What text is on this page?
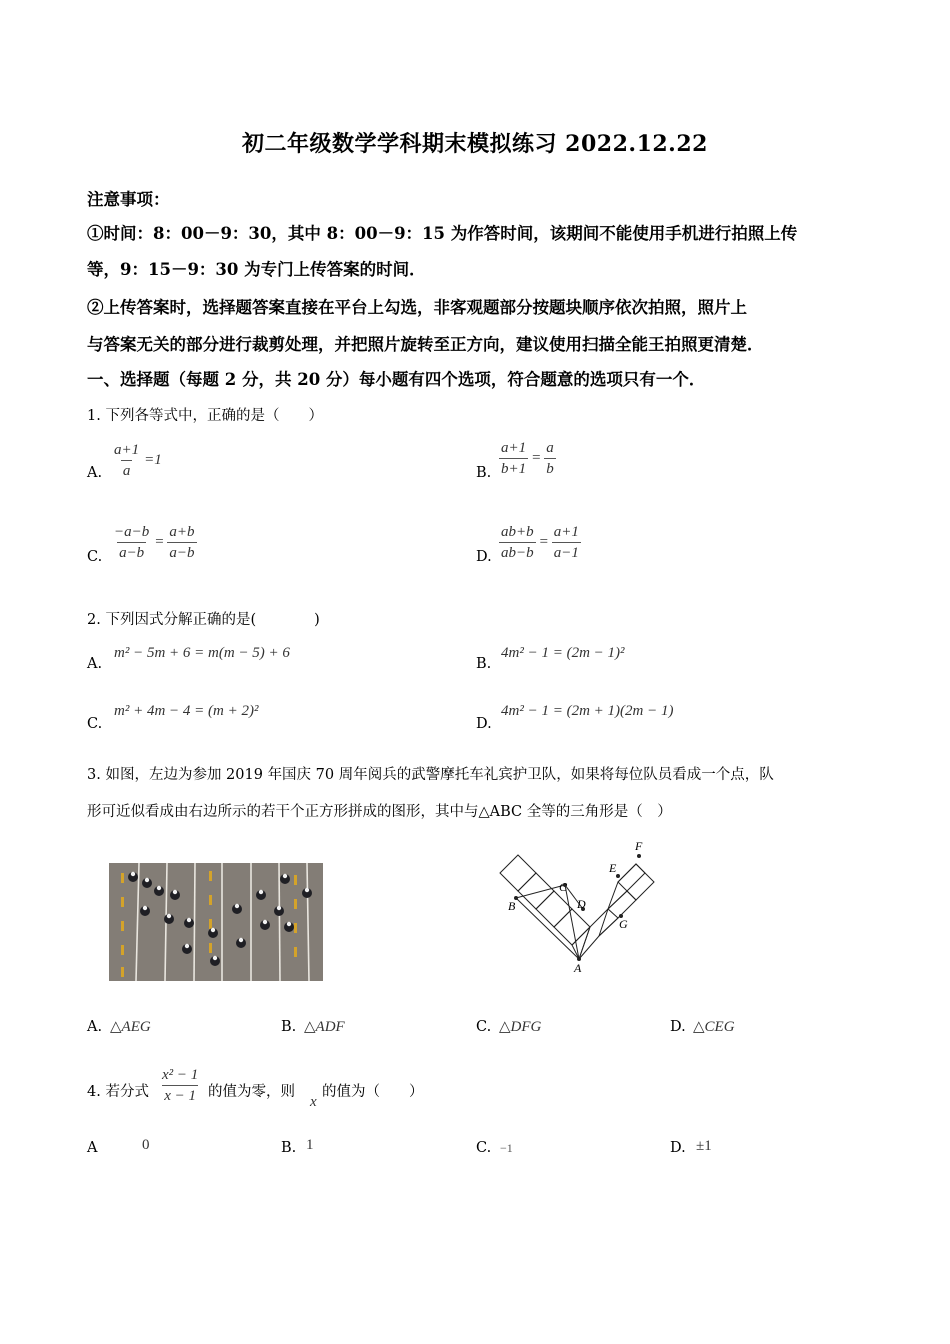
初二年级数学学科期末模拟练习 2022.12.22
注意事项：
①时间：8：00－9：30，其中 8：00－9：15 为作答时间，该期间不能使用手机进行拍照上传
等，9：15－9：30 为专门上传答案的时间．
②上传答案时，选择题答案直接在平台上勾选，非客观题部分按题块顺序依次拍照，照片上
与答案无关的部分进行裁剪处理，并把照片旋转至正方向，建议使用扫描全能王拍照更清楚．
一、选择题（每题 2 分，共 20 分）每小题有四个选项，符合题意的选项只有一个．
1. 下列各等式中，正确的是（　　）
A. $\frac{a+1}{a} =1$
B. $\frac{a+1}{b+1} = \frac{a}{b}$
C. $\frac{-a-b}{a-b} = \frac{a+b}{a-b}$	D. $\frac{ab+b}{ab-b} = \frac{a+1}{a-1}$
2. 下列因式分解正确的是(　　　　)
A.
m² − 5m + 6 = m(m − 5) + 6
B.
4m² − 1 = (2m − 1)²
C.
m² + 4m − 4 = (m + 2)²
D.
4m² − 1 = (2m + 1)(2m − 1)
3. 如图，左边为参加 2019 年国庆 70 周年阅兵的武警摩托车礼宾护卫队，如果将每位队员看成一个点，队
形可近似看成由右边所示的若干个正方形拼成的图形，其中与△ABC 全等的三角形是（　）
B
C
D
A
E
F
G
A. △AEG	B. △ADF	C. △DFG	D. △CEG
4. 若分式 $\frac{\text{x² − 1}}{x - 1}$ 的值为零，则
x
的值为（　　）
A	0	B. 1	C. −1	D. ±1
